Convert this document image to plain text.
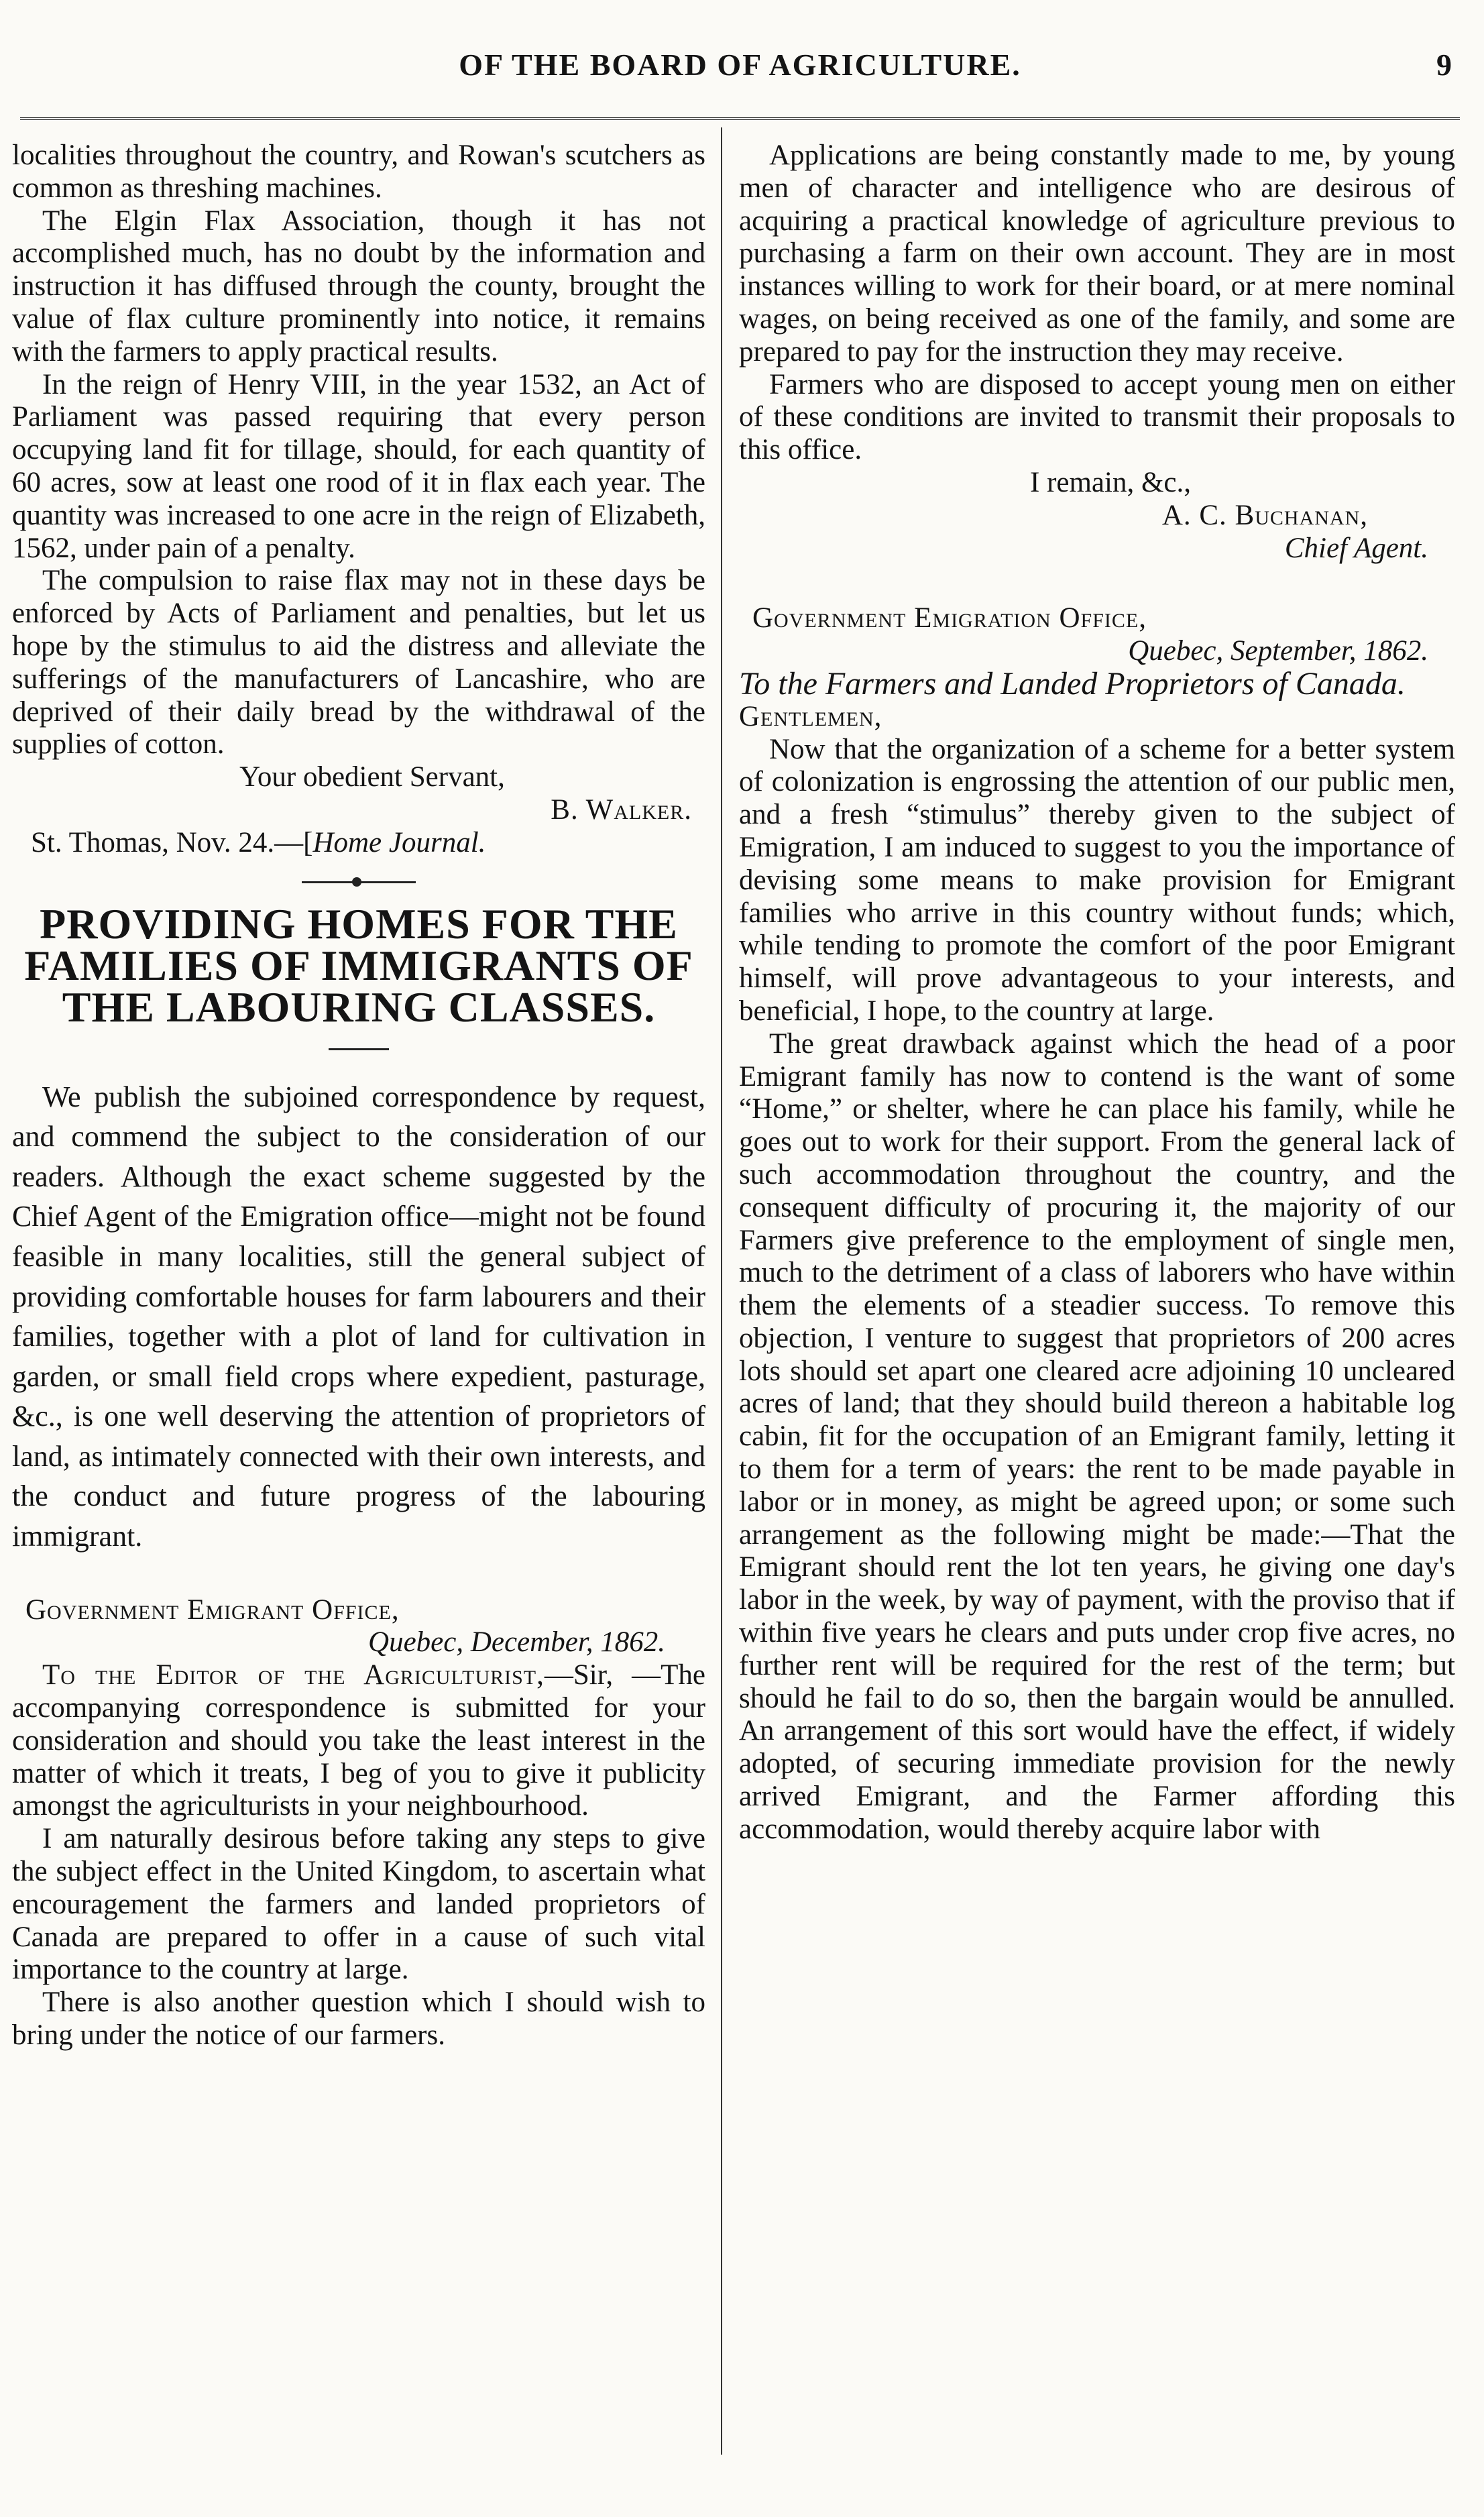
OF THE BOARD OF AGRICULTURE.	9

localities throughout the country, and Rowan's scutchers as common as threshing machines.

The Elgin Flax Association, though it has not accomplished much, has no doubt by the information and instruction it has diffused through the county, brought the value of flax culture prominently into notice, it remains with the farmers to apply practical results.

In the reign of Henry VIII, in the year 1532, an Act of Parliament was passed requiring that every person occupying land fit for tillage, should, for each quantity of 60 acres, sow at least one rood of it in flax each year. The quantity was increased to one acre in the reign of Elizabeth, 1562, under pain of a penalty.

The compulsion to raise flax may not in these days be enforced by Acts of Parliament and penalties, but let us hope by the stimulus to aid the distress and alleviate the sufferings of the manufacturers of Lancashire, who are deprived of their daily bread by the withdrawal of the supplies of cotton.

Your obedient Servant,

B. Walker.

St. Thomas, Nov. 24.—[Home Journal.

PROVIDING HOMES FOR THE FAMILIES OF IMMIGRANTS OF THE LABOURING CLASSES.

We publish the subjoined correspondence by request, and commend the subject to the consideration of our readers. Although the exact scheme suggested by the Chief Agent of the Emigration office—might not be found feasible in many localities, still the general subject of providing comfortable houses for farm labourers and their families, together with a plot of land for cultivation in garden, or small field crops where expedient, pasturage, &c., is one well deserving the attention of proprietors of land, as intimately connected with their own interests, and the conduct and future progress of the labouring immigrant.

Government Emigrant Office,

Quebec, December, 1862.

To the Editor of the Agriculturist,—Sir, —The accompanying correspondence is submitted for your consideration and should you take the least interest in the matter of which it treats, I beg of you to give it publicity amongst the agriculturists in your neighbourhood.

I am naturally desirous before taking any steps to give the subject effect in the United Kingdom, to ascertain what encouragement the farmers and landed proprietors of Canada are prepared to offer in a cause of such vital importance to the country at large.

There is also another question which I should wish to bring under the notice of our farmers.

Applications are being constantly made to me, by young men of character and intelligence who are desirous of acquiring a practical knowledge of agriculture previous to purchasing a farm on their own account. They are in most instances willing to work for their board, or at mere nominal wages, on being received as one of the family, and some are prepared to pay for the instruction they may receive.

Farmers who are disposed to accept young men on either of these conditions are invited to transmit their proposals to this office.

I remain, &c.,

A. C. Buchanan,

Chief Agent.

Government Emigration Office,

Quebec, September, 1862.

To the Farmers and Landed Proprietors of Canada.

Gentlemen,

Now that the organization of a scheme for a better system of colonization is engrossing the attention of our public men, and a fresh “stimulus” thereby given to the subject of Emigration, I am induced to suggest to you the importance of devising some means to make provision for Emigrant families who arrive in this country without funds; which, while tending to promote the comfort of the poor Emigrant himself, will prove advantageous to your interests, and beneficial, I hope, to the country at large.

The great drawback against which the head of a poor Emigrant family has now to contend is the want of some “Home,” or shelter, where he can place his family, while he goes out to work for their support. From the general lack of such accommodation throughout the country, and the consequent difficulty of procuring it, the majority of our Farmers give preference to the employment of single men, much to the detriment of a class of laborers who have within them the elements of a steadier success. To remove this objection, I venture to suggest that proprietors of 200 acres lots should set apart one cleared acre adjoining 10 uncleared acres of land; that they should build thereon a habitable log cabin, fit for the occupation of an Emigrant family, letting it to them for a term of years: the rent to be made payable in labor or in money, as might be agreed upon; or some such arrangement as the following might be made:—That the Emigrant should rent the lot ten years, he giving one day's labor in the week, by way of payment, with the proviso that if within five years he clears and puts under crop five acres, no further rent will be required for the rest of the term; but should he fail to do so, then the bargain would be annulled. An arrangement of this sort would have the effect, if widely adopted, of securing immediate provision for the newly arrived Emigrant, and the Farmer affording this accommodation, would thereby acquire labor with
